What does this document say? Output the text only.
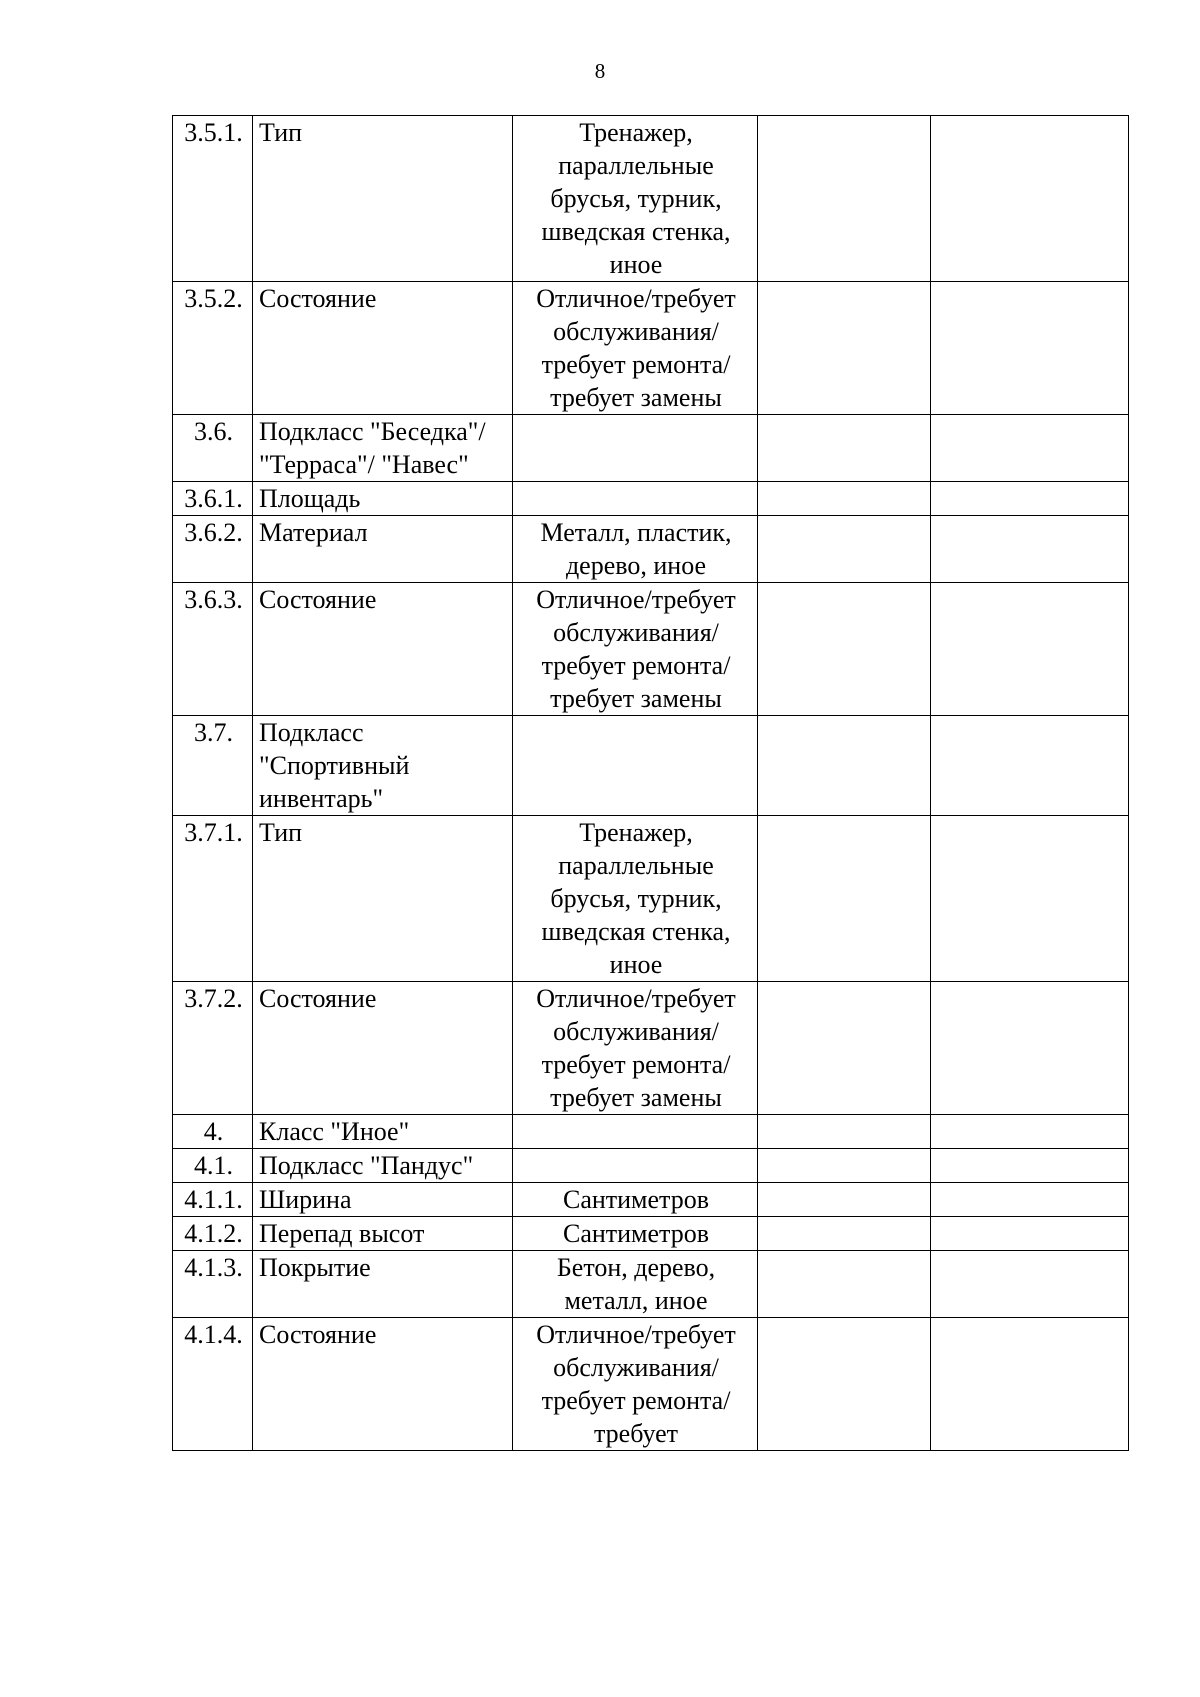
8
3.5.1.	Тип	Тренажер, параллельные брусья, турник, шведская стенка, иное		
3.5.2.	Состояние	Отличное/требует обслуживания/ требует ремонта/требует замены		
3.6.	Подкласс "Беседка"/ "Терраса"/ "Навес"			
3.6.1.	Площадь			
3.6.2.	Материал	Металл, пластик, дерево, иное		
3.6.3.	Состояние	Отличное/требует обслуживания/ требует ремонта/требует замены		
3.7.	Подкласс "Спортивный инвентарь"			
3.7.1.	Тип	Тренажер, параллельные брусья, турник, шведская стенка, иное		
3.7.2.	Состояние	Отличное/требует обслуживания/ требует ремонта/требует замены		
4.	Класс "Иное"			
4.1.	Подкласс "Пандус"			
4.1.1.	Ширина	Сантиметров		
4.1.2.	Перепад высот	Сантиметров		
4.1.3.	Покрытие	Бетон, дерево, металл, иное		
4.1.4.	Состояние	Отличное/требует обслуживания/ требует ремонта/требует		
